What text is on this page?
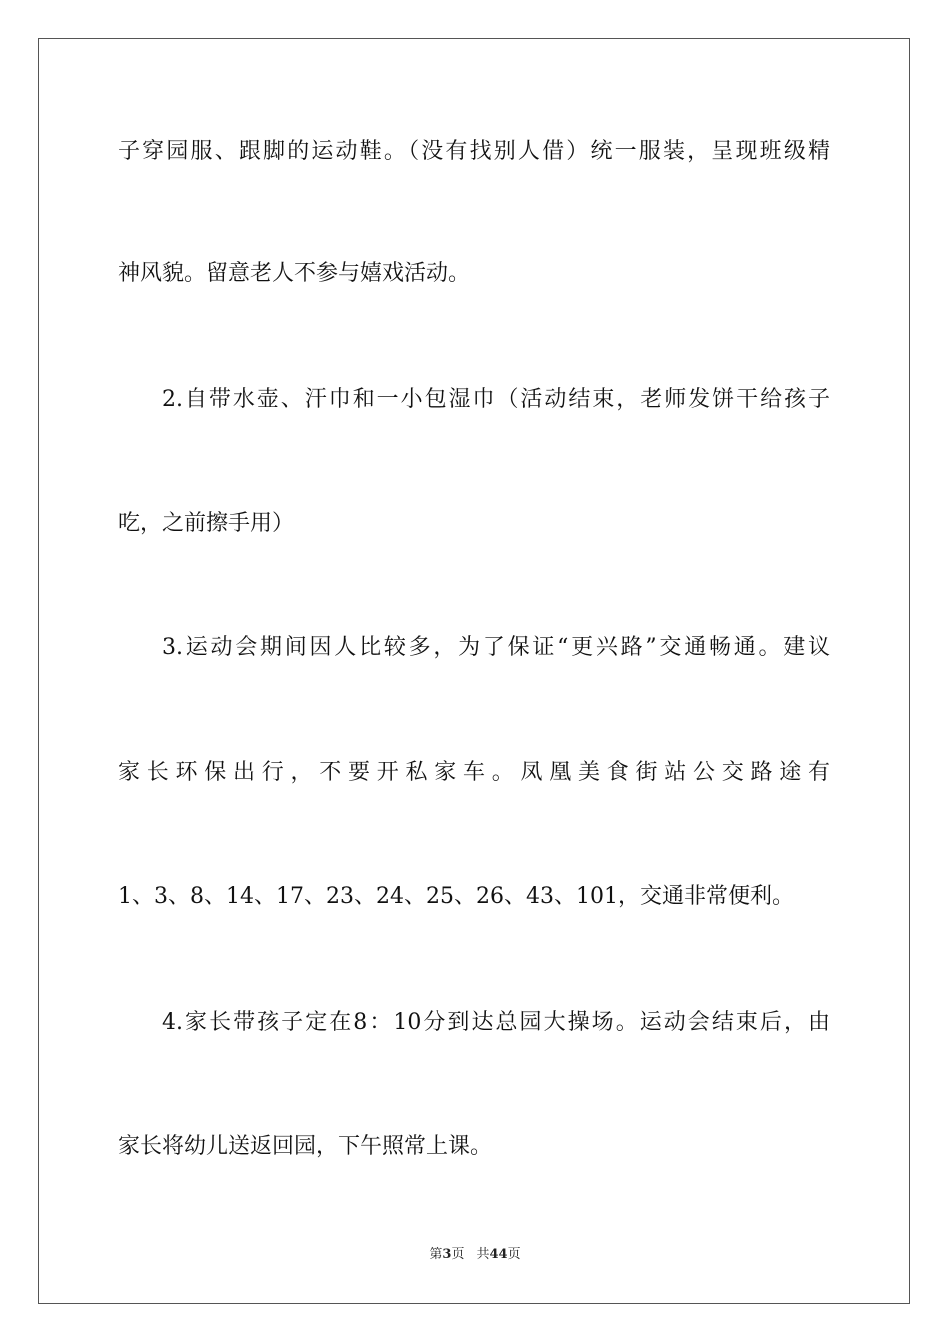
子穿园服、跟脚的运动鞋。（没有找别人借）统一服装，呈现班级精
神风貌。留意老人不参与嬉戏活动。
2.自带水壶、汗巾和一小包湿巾（活动结束，老师发饼干给孩子
吃，之前擦手用）
3.运动会期间因人比较多，为了保证“更兴路”交通畅通。建议
家长环保出行，不要开私家车。凤凰美食街站公交路途有
1、3、8、14、17、23、24、25、26、43、101，交通非常便利。
4.家长带孩子定在8：10分到达总园大操场。运动会结束后，由
家长将幼儿送返回园，下午照常上课。
第3页 共44页
